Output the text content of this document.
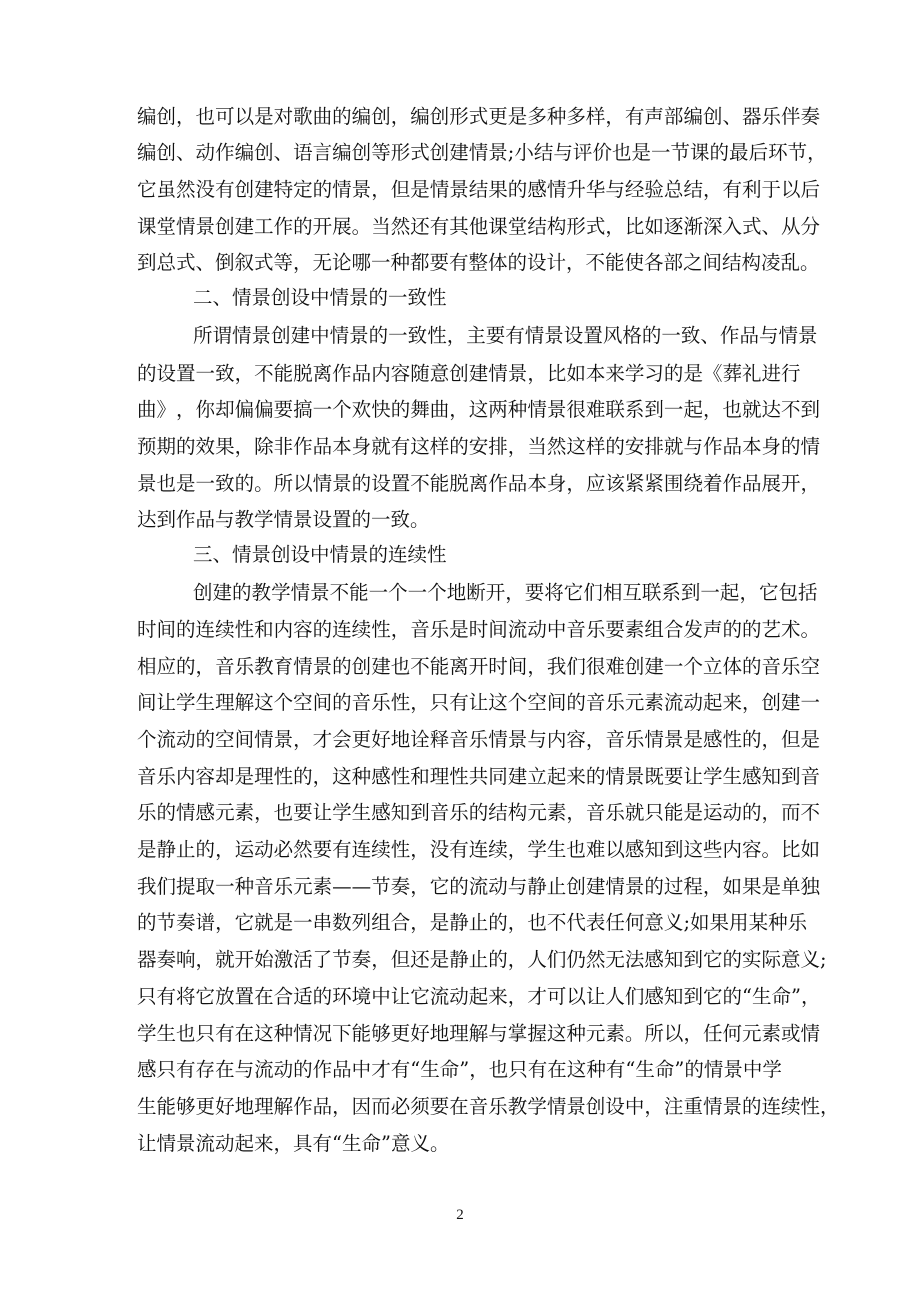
编 创 ， 也 可 以 是 对 歌 曲 的 编 创 ， 编 创 形 式 更 是 多 种 多 样 ， 有 声 部 编 创 、 器 乐 伴 奏
编 创 、 动 作 编 创 、 语 言 编 创 等 形 式 创 建 情 景 ; 小 结 与 评 价 也 是 一 节 课 的 最 后 环 节 ，
它 虽 然 没 有 创 建 特 定 的 情 景 ， 但 是 情 景 结 果 的 感 情 升 华 与 经 验 总 结 ， 有 利 于 以 后
课 堂 情 景 创 建 工 作 的 开 展 。 当 然 还 有 其 他 课 堂 结 构 形 式 ， 比 如 逐 渐 深 入 式 、 从 分
到总式、倒叙式等，无论哪一种都要有整体的设计，不能使各部之间结构凌乱。
二、情景创设中情景的一致性
所 谓 情 景 创 建 中 情 景 的 一 致 性 ， 主 要 有 情 景 设 置 风 格 的 一 致 、 作 品 与 情 景
的 设 置 一 致 ， 不 能 脱 离 作 品 内 容 随 意 创 建 情 景 ， 比 如 本 来 学 习 的 是 《 葬 礼 进 行
曲 》 ， 你 却 偏 偏 要 搞 一 个 欢 快 的 舞 曲 ， 这 两 种 情 景 很 难 联 系 到 一 起 ， 也 就 达 不 到
预 期 的 效 果 ， 除 非 作 品 本 身 就 有 这 样 的 安 排 ， 当 然 这 样 的 安 排 就 与 作 品 本 身 的 情
景 也 是 一 致 的 。 所 以 情 景 的 设 置 不 能 脱 离 作 品 本 身 ， 应 该 紧 紧 围 绕 着 作 品 展 开 ，
达到作品与教学情景设置的一致。
三、情景创设中情景的连续性
创 建 的 教 学 情 景 不 能 一 个 一 个 地 断 开 ， 要 将 它 们 相 互 联 系 到 一 起 ， 它 包 括
时 间 的 连 续 性 和 内 容 的 连 续 性 ， 音 乐 是 时 间 流 动 中 音 乐 要 素 组 合 发 声 的 的 艺 术 。
相 应 的 ， 音 乐 教 育 情 景 的 创 建 也 不 能 离 开 时 间 ， 我 们 很 难 创 建 一 个 立 体 的 音 乐 空
间 让 学 生 理 解 这 个 空 间 的 音 乐 性 ， 只 有 让 这 个 空 间 的 音 乐 元 素 流 动 起 来 ， 创 建 一
个 流 动 的 空 间 情 景 ， 才 会 更 好 地 诠 释 音 乐 情 景 与 内 容 ， 音 乐 情 景 是 感 性 的 ， 但 是
音 乐 内 容 却 是 理 性 的 ， 这 种 感 性 和 理 性 共 同 建 立 起 来 的 情 景 既 要 让 学 生 感 知 到 音
乐 的 情 感 元 素 ， 也 要 让 学 生 感 知 到 音 乐 的 结 构 元 素 ， 音 乐 就 只 能 是 运 动 的 ， 而 不
是 静 止 的 ， 运 动 必 然 要 有 连 续 性 ， 没 有 连 续 ， 学 生 也 难 以 感 知 到 这 些 内 容 。 比 如
我 们 提 取 一 种 音 乐 元 素 — — 节 奏 ， 它 的 流 动 与 静 止 创 建 情 景 的 过 程 ， 如 果 是 单 独
的 节 奏 谱 ， 它 就 是 一 串 数 列 组 合 ， 是 静 止 的 ， 也 不 代 表 任 何 意 义 ; 如 果 用 某 种 乐
器 奏 响 ， 就 开 始 激 活 了 节 奏 ， 但 还 是 静 止 的 ， 人 们 仍 然 无 法 感 知 到 它 的 实 际 意 义 ;
只 有 将 它 放 置 在 合 适 的 环 境 中 让 它 流 动 起 来 ， 才 可 以 让 人 们 感 知 到 它 的 “ 生 命 ” ，
学 生 也 只 有 在 这 种 情 况 下 能 够 更 好 地 理 解 与 掌 握 这 种 元 素 。 所 以 ， 任 何 元 素 或 情
感 只 有 存 在 与 流 动 的 作 品 中 才 有 “ 生 命 ” ， 也 只 有 在 这 种 有 “ 生 命 ” 的 情 景 中 学
生 能 够 更 好 地 理 解 作 品 ， 因 而 必 须 要 在 音 乐 教 学 情 景 创 设 中 ， 注 重 情 景 的 连 续 性 ，
让情景流动起来，具有“生命”意义。
2
